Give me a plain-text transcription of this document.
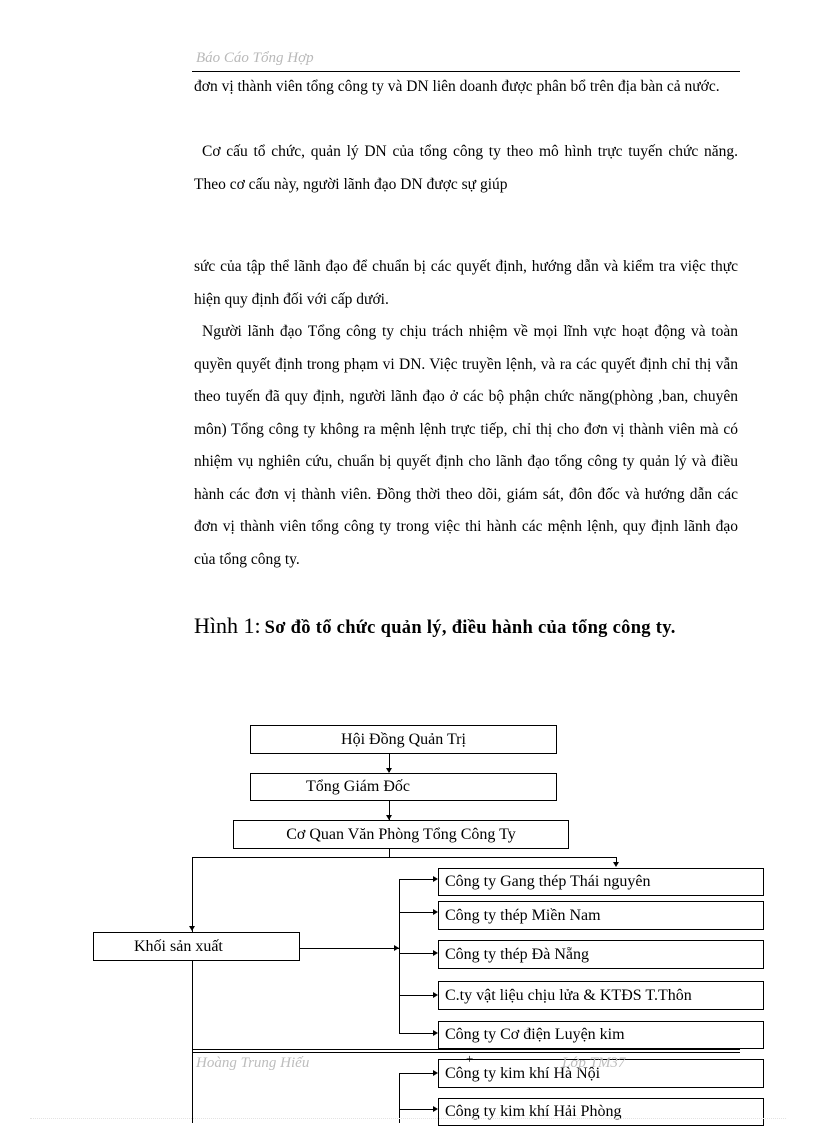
Báo Cáo Tổng Hợp
đơn vị thành viên tổng công ty và DN liên doanh được phân bổ trên địa bàn cả nước.
Cơ cấu tổ chức, quản lý DN của tổng công ty theo mô hình trực tuyến chức năng. Theo cơ cấu này, người lãnh đạo DN được sự giúp
sức của tập thể lãnh đạo để chuẩn bị các quyết định, hướng dẫn và kiểm tra việc thực hiện quy định đối với cấp dưới.
Người lãnh đạo Tổng công ty chịu trách nhiệm về mọi lĩnh vực hoạt động và toàn quyền quyết định trong phạm vi DN. Việc truyền lệnh, và ra các quyết định chỉ thị vẫn theo tuyến đã quy định, người lãnh đạo ở các bộ phận chức năng(phòng ,ban, chuyên môn) Tổng công ty không ra mệnh lệnh trực tiếp, chỉ thị cho đơn vị thành viên mà có nhiệm vụ nghiên cứu, chuẩn bị quyết định cho lãnh đạo tổng công ty quản lý và điều hành các đơn vị thành viên. Đồng thời theo dõi, giám sát, đôn đốc và hướng dẫn các đơn vị thành viên tổng công ty trong việc thi hành các mệnh lệnh, quy định lãnh đạo của tổng công ty.
Hình 1: Sơ đồ tổ chức quản lý, điều hành của tổng công ty.
Hội Đồng Quản Trị
Tổng Giám Đốc
Cơ Quan Văn Phòng Tổng Công Ty
Khối sản xuất
Công ty Gang thép Thái nguyên
Công ty thép Miền Nam
Công ty thép Đà Nẵng
C.ty vật liệu chịu lửa & KTĐS T.Thôn
Công ty Cơ điện Luyện kim
Công ty kim khí Hà Nội
Công ty kim khí Hải Phòng
Hoàng Trung Hiếu	Lớp TM37
+
